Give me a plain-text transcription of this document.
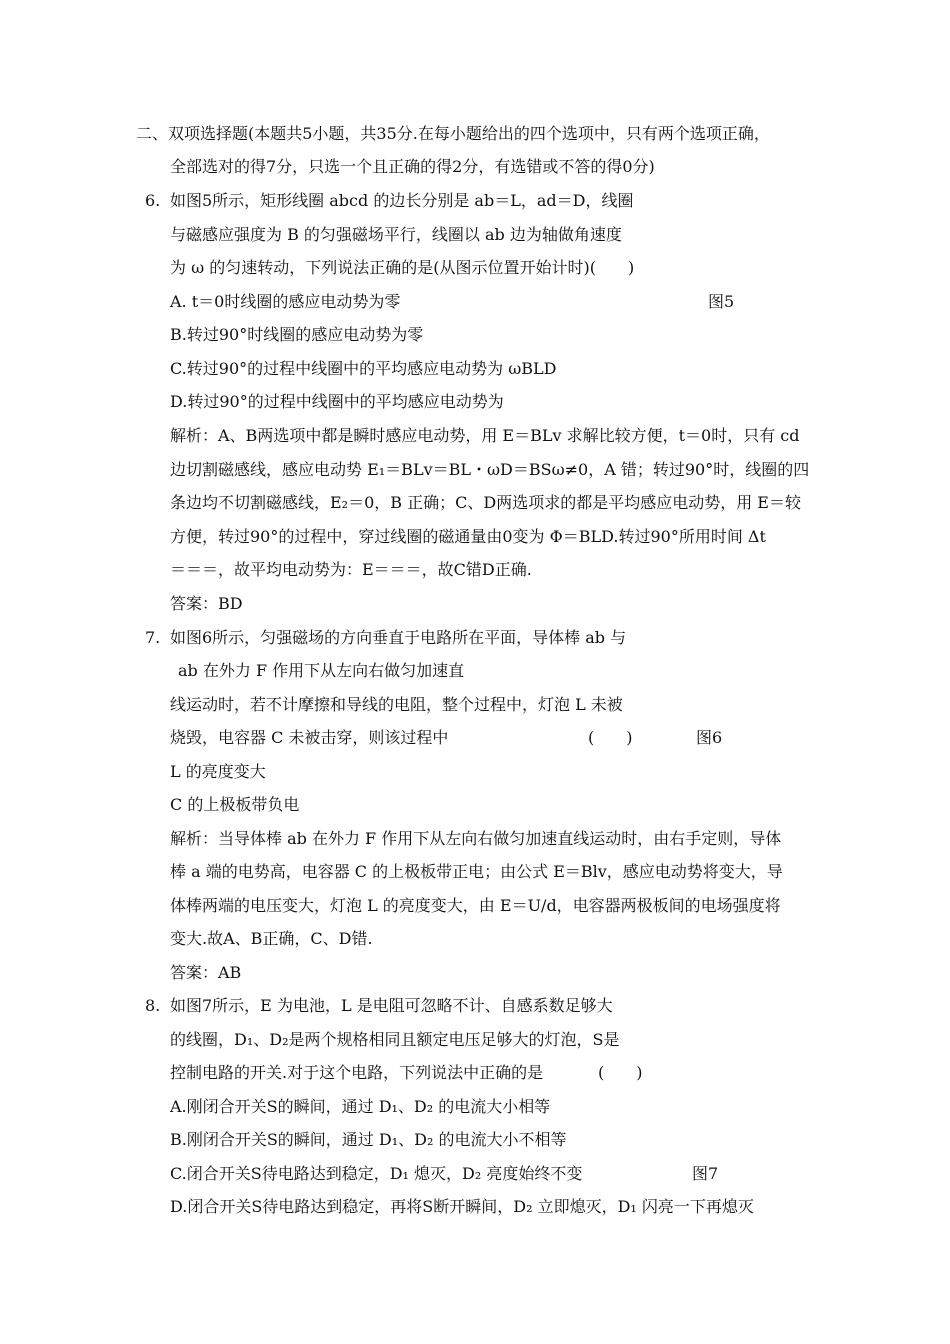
二、双项选择题(本题共5小题，共35分.在每小题给出的四个选项中，只有两个选项正确，
全部选对的得7分，只选一个且正确的得2分，有选错或不答的得0分)
6. 如图5所示，矩形线圈 abcd 的边长分别是 ab＝L，ad＝D，线圈
与磁感应强度为 B 的匀强磁场平行，线圈以 ab 边为轴做角速度
为 ω 的匀速转动，下列说法正确的是(从图示位置开始计时)(　　)
A. t＝0时线圈的感应电动势为零	图5
B.转过90°时线圈的感应电动势为零
C.转过90°的过程中线圈中的平均感应电动势为 ωBLD
D.转过90°的过程中线圈中的平均感应电动势为
解析：A、B两选项中都是瞬时感应电动势，用 E＝BLv 求解比较方便，t＝0时，只有 cd
边切割磁感线，感应电动势 E₁＝BLv＝BL・ωD＝BSω≠0，A 错；转过90°时，线圈的四
条边均不切割磁感线，E₂＝0，B 正确；C、D两选项求的都是平均感应电动势，用 E＝较
方便，转过90°的过程中，穿过线圈的磁通量由0变为 Φ＝BLD.转过90°所用时间 Δt
＝＝＝，故平均电动势为：E＝＝＝，故C错D正确.
答案：BD
7. 如图6所示，匀强磁场的方向垂直于电路所在平面，导体棒 ab 与
ab 在外力 F 作用下从左向右做匀加速直
线运动时，若不计摩擦和导线的电阻，整个过程中，灯泡 L 未被
烧毁，电容器 C 未被击穿，则该过程中	(　　)	图6
L 的亮度变大
C 的上极板带负电
解析：当导体棒 ab 在外力 F 作用下从左向右做匀加速直线运动时，由右手定则，导体
棒 a 端的电势高，电容器 C 的上极板带正电；由公式 E＝Blv，感应电动势将变大，导
体棒两端的电压变大，灯泡 L 的亮度变大，由 E＝U/d，电容器两极板间的电场强度将
变大.故A、B正确，C、D错.
答案：AB
8. 如图7所示，E 为电池，L 是电阻可忽略不计、自感系数足够大
的线圈，D₁、D₂是两个规格相同且额定电压足够大的灯泡，S是
控制电路的开关.对于这个电路，下列说法中正确的是	(　　)
A.刚闭合开关S的瞬间，通过 D₁、D₂ 的电流大小相等
B.刚闭合开关S的瞬间，通过 D₁、D₂ 的电流大小不相等
C.闭合开关S待电路达到稳定，D₁ 熄灭，D₂ 亮度始终不变	图7
D.闭合开关S待电路达到稳定，再将S断开瞬间，D₂ 立即熄灭，D₁ 闪亮一下再熄灭
